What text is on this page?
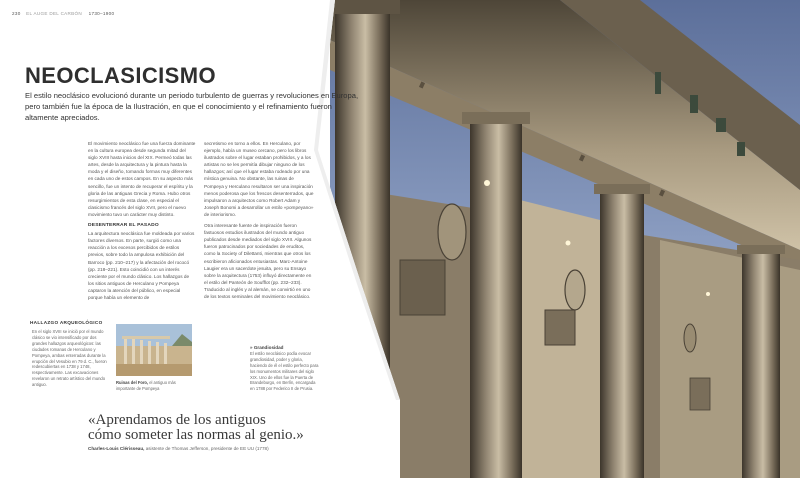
230 EL AUGE DEL CARBÓN 1730–1900
NEOCLASICISMO
El estilo neoclásico evolucionó durante un periodo turbulento de guerras y revoluciones en Europa, pero también fue la época de la Ilustración, en que el conocimiento y el refinamiento fueron altamente apreciados.

El movimiento neoclásico fue una fuerza dominante en la cultura europea desde segunda mitad del siglo XVIII hasta inicios del XIX. Permeó todas las artes, desde la arquitectura y la pintura hasta la moda y el diseño, tomando formas muy diferentes en cada uno de estos campos. En su aspecto más sencillo, fue un intento de recuperar el espíritu y la gloria de las antiguas Grecia y Roma. Hubo otros resurgimientos de esta clase, en especial el clasicismo francés del siglo XVII, pero el nuevo movimiento tuvo un carácter muy distinto.

DESENTERRAR EL PASADO

La arquitectura neoclásica fue moldeada por varios factores diversos. En parte, surgió como una reacción a los excesos percibidos de estilos previos, sobre todo la ampulosa exhibición del Barroco (pp. 210–217) y la afectación del rococó (pp. 218–221). Esto coincidió con un interés creciente por el mundo clásico. Los hallazgos de los sitios antiguos de Herculano y Pompeya captaron la atención del público, en especial porque había un elemento de

secretismo en torno a ellos. En Herculano, por ejemplo, había un museo cercano, pero los libros ilustrados sobre el lugar estaban prohibidos, y a los artistas no se les permitía dibujar ninguno de los hallazgos; así que el lugar estaba rodeado por una mística genuina. No obstante, las ruinas de Pompeya y Herculano resultaron ser una inspiración menos poderosa que los frescos desenterrados, que impulsaron a arquitectos como Robert Adam y Joseph Bonomi a desarrollar un estilo «pompeyano» de interiorismo.

Otra interesante fuente de inspiración fueron fastuosos estudios ilustrados del mundo antiguo publicados desde mediados del siglo XVIII. Algunos fueron patrocinados por sociedades de eruditos, como la Society of Dilettanti, mientras que otros los escribieron aficionados entusiastas. Marc-Antoine Laugier era un sacerdote jesuita, pero su Ensayo sobre la arquitectura (1753) influyó directamente en el estilo del Panteón de Soufflot (pp. 232–233). Traducido al inglés y al alemán, se convirtió en uno de los textos seminales del movimiento neoclásico.

HALLAZGO ARQUEOLÓGICO
En el siglo XVIII se inició por el mundo clásico se vio intensificado por dos grandes hallazgos arqueológicos: las ciudades romanas de Herculano y Pompeya, ambas enterradas durante la erupción del Vesubio en 79 d. C., fueron redescubiertas en 1738 y 1748, respectivamente. Las excavaciones revelaron un retrato artístico del mundo antiguo.	Ruinas del Foro, el antiguo más importante de Pompeya
» Grandiosidad
El estilo neoclásico podía evocar grandiosidad, poder y gloria, haciendo de él el estilo perfecto para los monumentos militares del siglo XIX. Uno de ellos fue la Puerta de Brandeburgo, en Berlín, encargada en 1788 por Federico II de Prusia.
«Aprendamos de los antiguos
cómo someter las normas al genio.»
Charles-Louis Clérisseau, asistente de Thomas Jefferson, presidente de EE UU (1778)
